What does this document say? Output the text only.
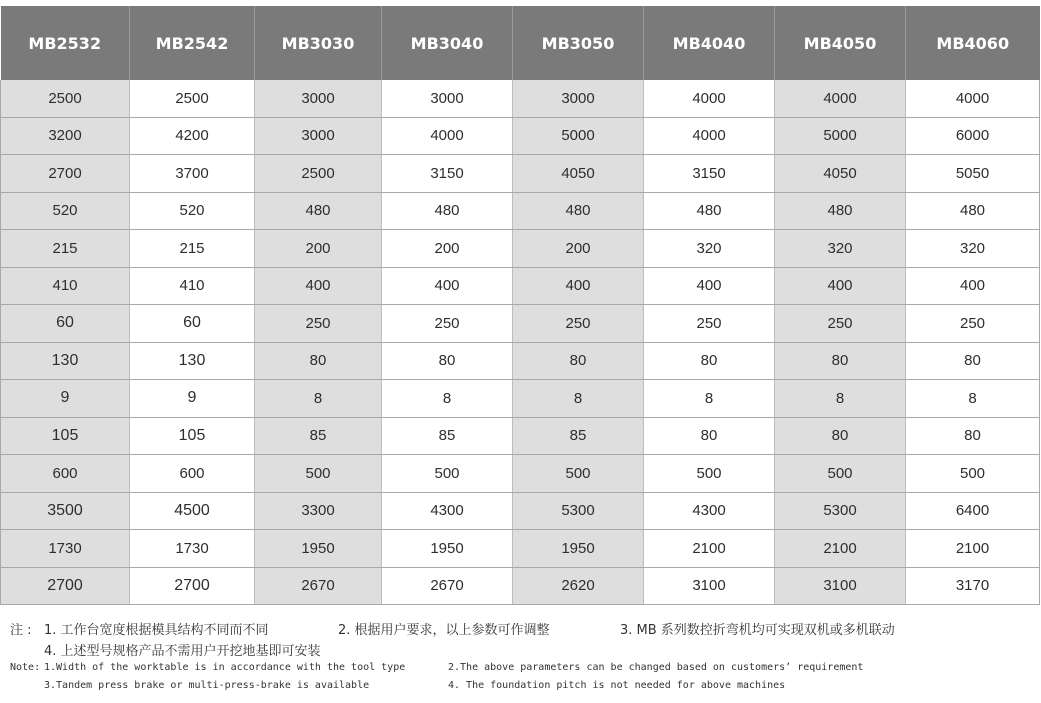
MB2532	MB2542	MB3030	MB3040	MB3050	MB4040	MB4050	MB4060
2500	2500	3000	3000	3000	4000	4000	4000
3200	4200	3000	4000	5000	4000	5000	6000
2700	3700	2500	3150	4050	3150	4050	5050
520	520	480	480	480	480	480	480
215	215	200	200	200	320	320	320
410	410	400	400	400	400	400	400
60	60	250	250	250	250	250	250
130	130	80	80	80	80	80	80
9	9	8	8	8	8	8	8
105	105	85	85	85	80	80	80
600	600	500	500	500	500	500	500
3500	4500	3300	4300	5300	4300	5300	6400
1730	1730	1950	1950	1950	2100	2100	2100
2700	2700	2670	2670	2620	3100	3100	3170
注 : 1. 工作台宽度根据模具结构不同而不同	2. 根据用户要求，以上参数可作调整	3. MB 系列数控折弯机均可实现双机或多机联动
4. 上述型号规格产品不需用户开挖地基即可安装
Note: 1.Width of the worktable is in accordance with the tool type	2.The above parameters can be changed based on customers’ requirement
3.Tandem press brake or multi-press-brake is available	4. The foundation pitch is not needed for above machines
